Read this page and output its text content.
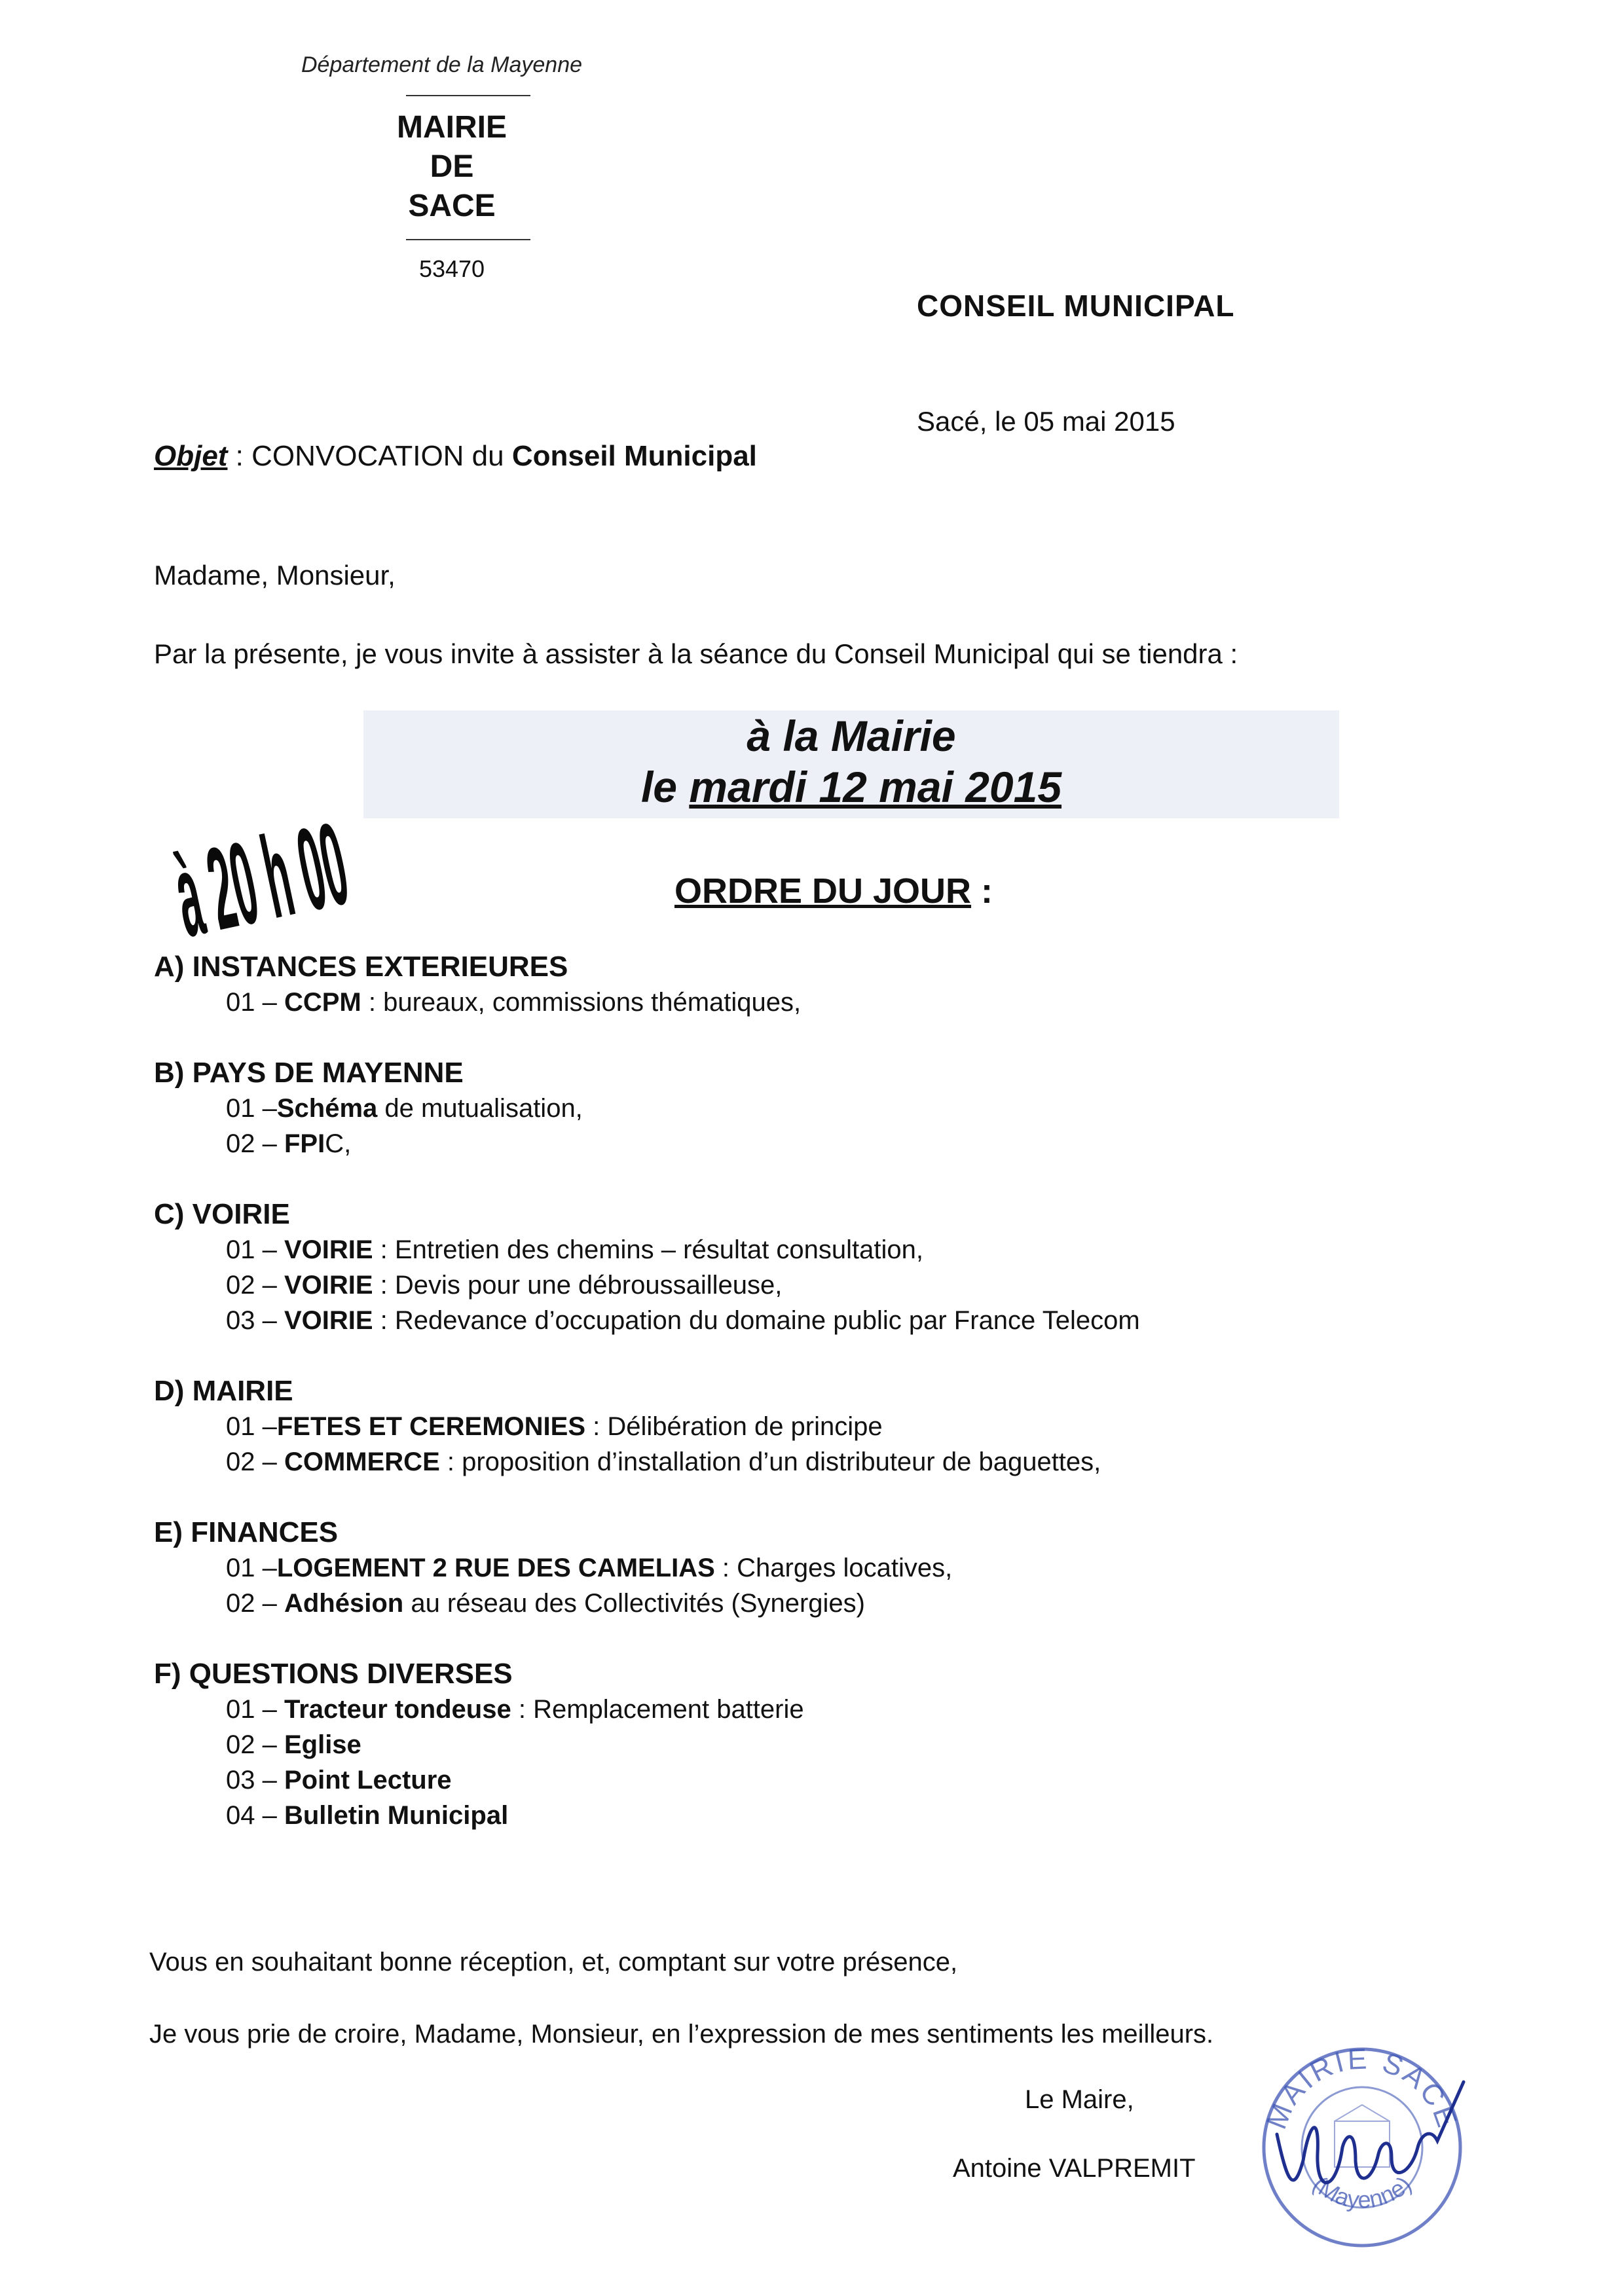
Département de la Mayenne
MAIRIE
DE
SACE
53470
CONSEIL MUNICIPAL
Sacé, le 05 mai 2015
Objet : CONVOCATION du Conseil Municipal
Madame, Monsieur,
Par la présente, je vous invite à assister à la séance du Conseil Municipal qui se tiendra :
à 20 h 00
à la Mairie
le mardi 12 mai 2015
ORDRE DU JOUR :
A) INSTANCES EXTERIEURES
01 – CCPM : bureaux, commissions thématiques,
B) PAYS DE MAYENNE
01 –Schéma de mutualisation,
02 – FPIC,
C) VOIRIE
01 – VOIRIE : Entretien des chemins – résultat consultation,
02 – VOIRIE : Devis pour une débroussailleuse,
03 – VOIRIE : Redevance d’occupation du domaine public par France Telecom
D) MAIRIE
01 –FETES ET CEREMONIES : Délibération de principe
02 – COMMERCE : proposition d’installation d’un distributeur de baguettes,
E) FINANCES
01 –LOGEMENT 2 RUE DES CAMELIAS : Charges locatives,
02 – Adhésion au réseau des Collectivités (Synergies)
F) QUESTIONS DIVERSES
01 – Tracteur tondeuse : Remplacement batterie
02 – Eglise
03 – Point Lecture
04 – Bulletin Municipal
Vous en souhaitant bonne réception, et, comptant sur votre présence,
Je vous prie de croire, Madame, Monsieur, en l’expression de mes sentiments les meilleurs.
Le Maire,
Antoine VALPREMIT
MAIRIE SACE
(Mayenne)
